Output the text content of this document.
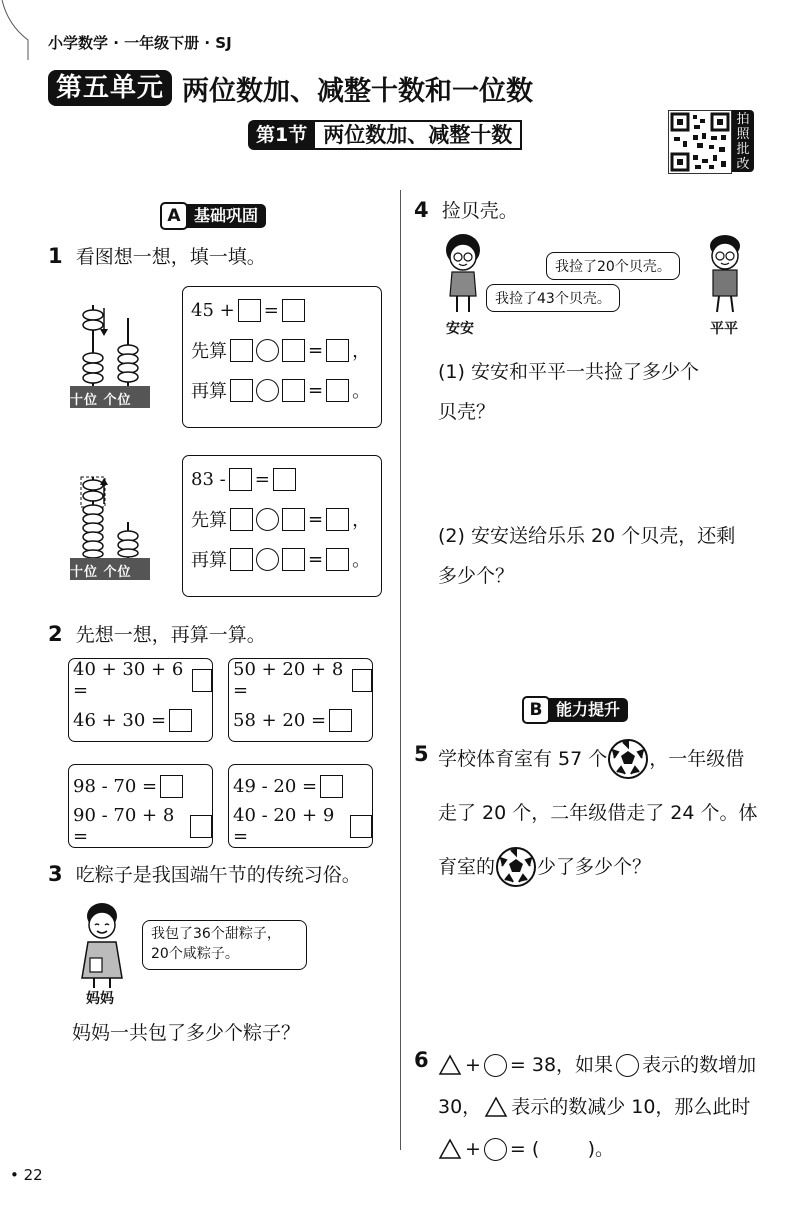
小学数学 · 一年级下册 · SJ
第五单元 两位数加、减整十数和一位数
第1节 两位数加、减整十数
拍照批改
A 基础巩固
1 看图想一想，填一填。
十位 个位
45 + =
先算	= ，
再算	= 。
十位 个位
83 - =
先算	= ，
再算	= 。
2 先想一想，再算一算。
40 + 30 + 6 =
46 + 30 =
50 + 20 + 8 =
58 + 20 =
98 - 70 =
90 - 70 + 8 =
49 - 20 =
40 - 20 + 9 =
3 吃粽子是我国端午节的传统习俗。
妈妈
我包了36个甜粽子，
20个咸粽子。
妈妈一共包了多少个粽子？
4 捡贝壳。
安安	平平
我捡了20个贝壳。
我捡了43个贝壳。
(1) 安安和平平一共捡了多少个
贝壳？
(2) 安安送给乐乐 20 个贝壳，还剩
多少个？
B 能力提升
5 学校体育室有 57 个 ，一年级借
走了 20 个，二年级借走了 24 个。体
育室的 少了多少个？
6 + = 38，如果 表示的数增加
30， 表示的数减少 10，那么此时
+ = (        )。
• 22
